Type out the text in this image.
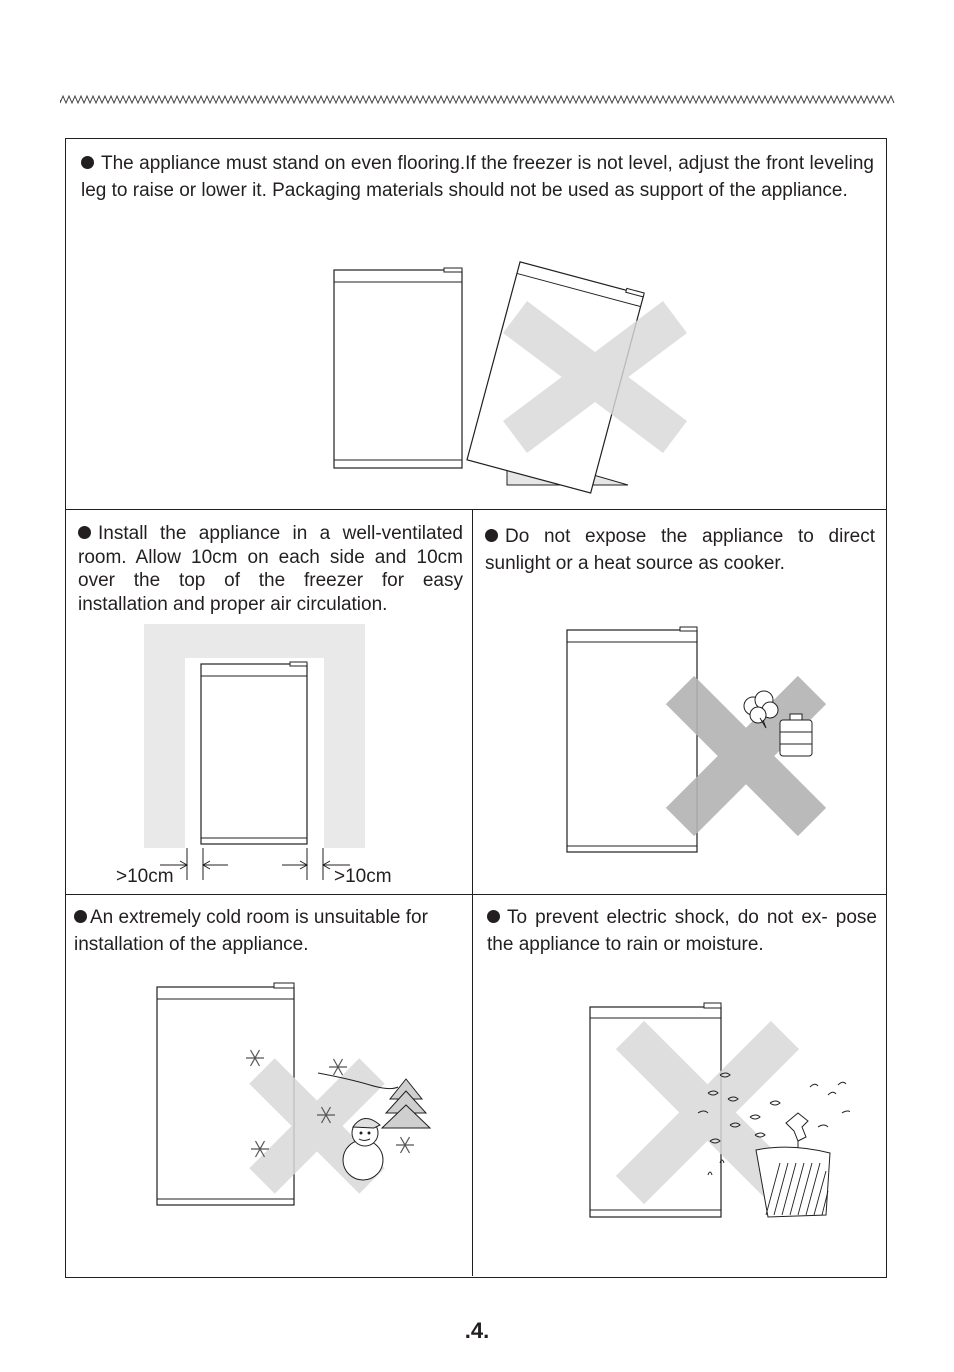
The appliance must stand on even flooring.If the freezer is not level, adjust the front leveling leg to raise or lower it. Packaging materials should not be used as support of the appliance.
Install the appliance in a well-ventilated room. Allow 10cm on each side and 10cm over the top of the freezer for easy installation and proper air circulation.
>10cm	>10cm
Do not expose the appliance to direct sunlight or a heat source as cooker.
An extremely cold room is unsuitable for installation of the appliance.
To prevent electric shock, do not ex- pose the appliance to rain or moisture.
.4.
